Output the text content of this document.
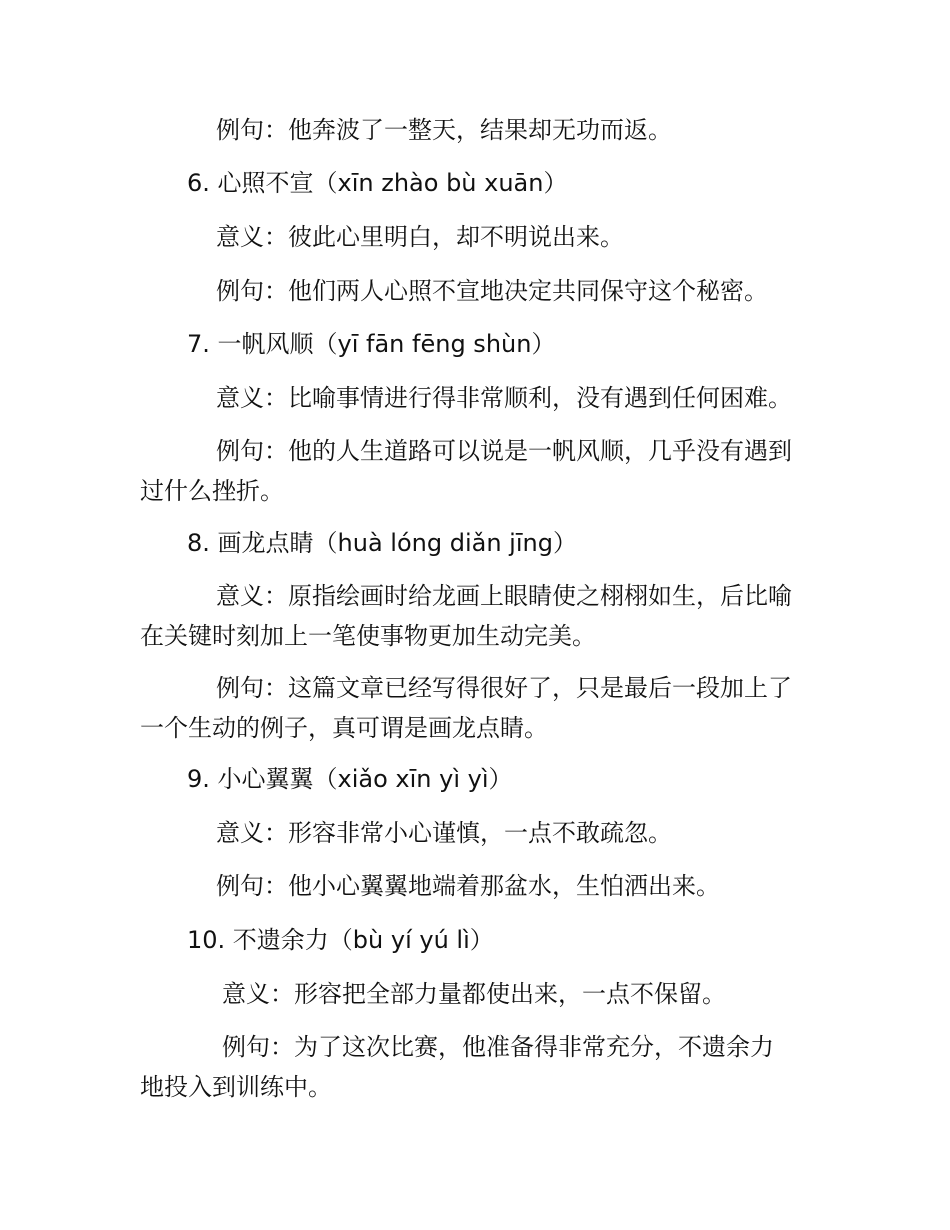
例句：他奔波了一整天，结果却无功而返。

6. 心照不宣（xīn zhào bù xuān）

意义：彼此心里明白，却不明说出来。

例句：他们两人心照不宣地决定共同保守这个秘密。

7. 一帆风顺（yī fān fēng shùn）

意义：比喻事情进行得非常顺利，没有遇到任何困难。

例句：他的人生道路可以说是一帆风顺，几乎没有遇到过什么挫折。

8. 画龙点睛（huà lóng diǎn jīng）

意义：原指绘画时给龙画上眼睛使之栩栩如生，后比喻在关键时刻加上一笔使事物更加生动完美。

例句：这篇文章已经写得很好了，只是最后一段加上了一个生动的例子，真可谓是画龙点睛。

9. 小心翼翼（xiǎo xīn yì yì）

意义：形容非常小心谨慎，一点不敢疏忽。

例句：他小心翼翼地端着那盆水，生怕洒出来。

10. 不遗余力（bù yí yú lì）

意义：形容把全部力量都使出来，一点不保留。

例句：为了这次比赛，他准备得非常充分，不遗余力地投入到训练中。
